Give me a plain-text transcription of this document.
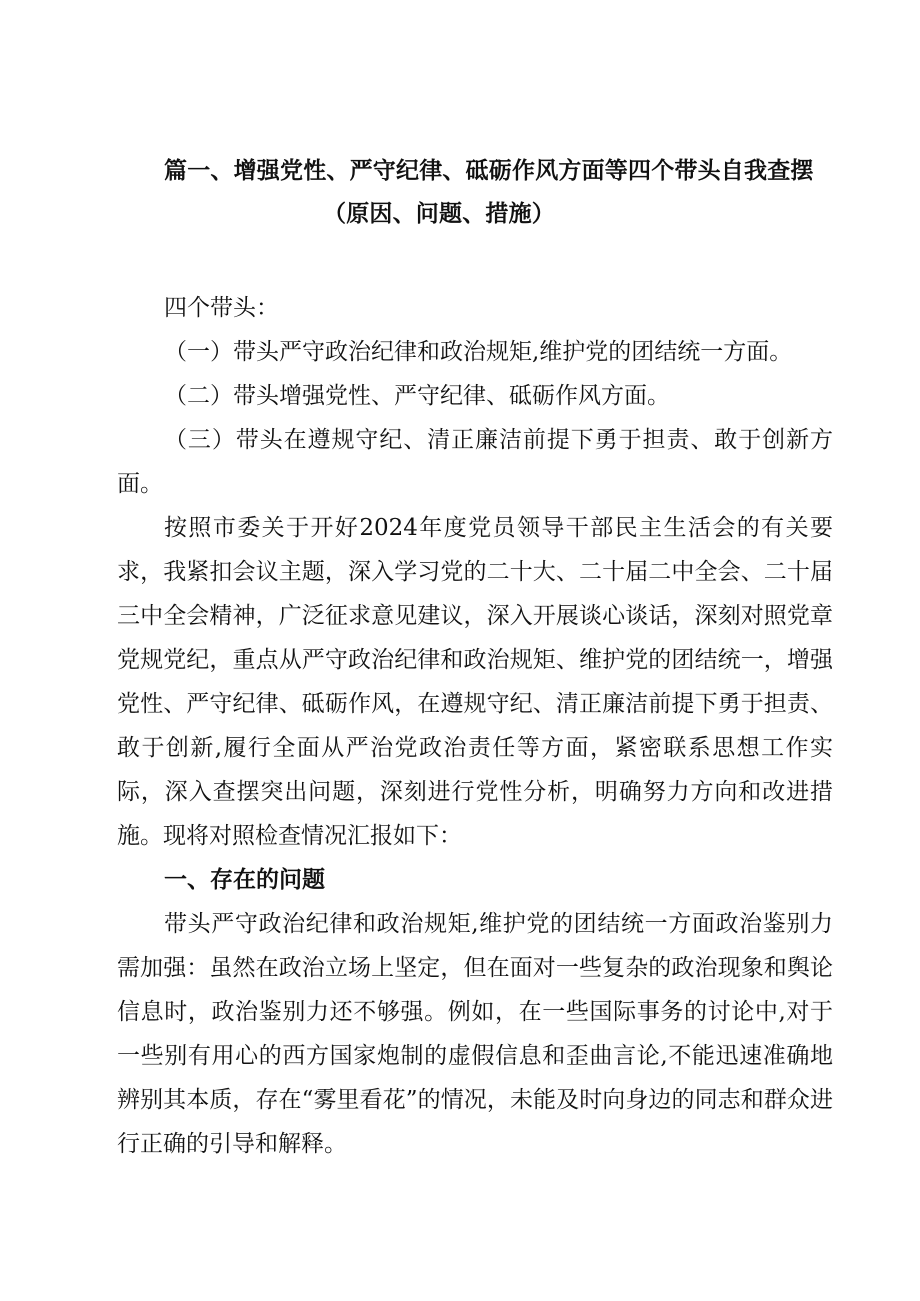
篇一、增强党性、严守纪律、砥砺作风方面等四个带头自我查摆
（原因、问题、措施）
四个带头：
（一）带头严守政治纪律和政治规矩,维护党的团结统一方面。
（二）带头增强党性、严守纪律、砥砺作风方面。
（三）带头在遵规守纪、清正廉洁前提下勇于担责、敢于创新方面。
按照市委关于开好2024年度党员领导干部民主生活会的有关要求，我紧扣会议主题，深入学习党的二十大、二十届二中全会、二十届三中全会精神，广泛征求意见建议，深入开展谈心谈话，深刻对照党章党规党纪，重点从严守政治纪律和政治规矩、维护党的团结统一，增强党性、严守纪律、砥砺作风，在遵规守纪、清正廉洁前提下勇于担责、敢于创新,履行全面从严治党政治责任等方面，紧密联系思想工作实际，深入查摆突出问题，深刻进行党性分析，明确努力方向和改进措施。现将对照检查情况汇报如下：
一、存在的问题
带头严守政治纪律和政治规矩,维护党的团结统一方面政治鉴别力需加强：虽然在政治立场上坚定，但在面对一些复杂的政治现象和舆论信息时，政治鉴别力还不够强。例如，在一些国际事务的讨论中,对于一些别有用心的西方国家炮制的虚假信息和歪曲言论,不能迅速准确地辨别其本质，存在“雾里看花”的情况，未能及时向身边的同志和群众进行正确的引导和解释。
